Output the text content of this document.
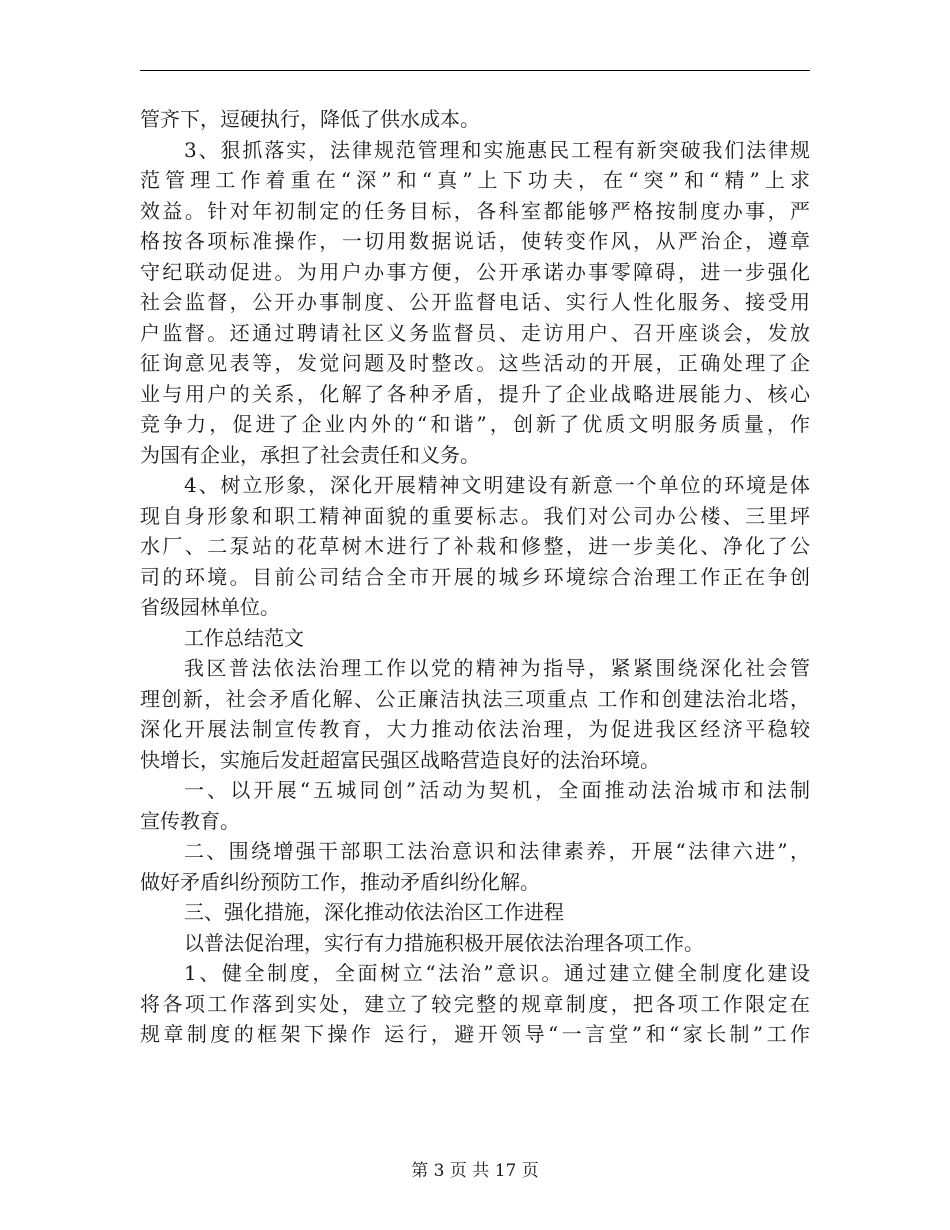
管齐下，逗硬执行，降低了供水成本。
3、狠抓落实，法律规范管理和实施惠民工程有新突破我们法律规
范管理工作着重在“深”和“真”上下功夫，在“突”和“精”上求
效益。针对年初制定的任务目标，各科室都能够严格按制度办事，严
格按各项标准操作，一切用数据说话，使转变作风，从严治企，遵章
守纪联动促进。为用户办事方便，公开承诺办事零障碍，进一步强化
社会监督，公开办事制度、公开监督电话、实行人性化服务、接受用
户监督。还通过聘请社区义务监督员、走访用户、召开座谈会，发放
征询意见表等，发觉问题及时整改。这些活动的开展，正确处理了企
业与用户的关系，化解了各种矛盾，提升了企业战略进展能力、核心
竞争力，促进了企业内外的“和谐”，创新了优质文明服务质量，作
为国有企业，承担了社会责任和义务。
4、树立形象，深化开展精神文明建设有新意一个单位的环境是体
现自身形象和职工精神面貌的重要标志。我们对公司办公楼、三里坪
水厂、二泵站的花草树木进行了补栽和修整，进一步美化、净化了公
司的环境。目前公司结合全市开展的城乡环境综合治理工作正在争创
省级园林单位。
工作总结范文
我区普法依法治理工作以党的精神为指导，紧紧围绕深化社会管
理创新，社会矛盾化解、公正廉洁执法三项重点 工作和创建法治北塔，
深化开展法制宣传教育，大力推动依法治理，为促进我区经济平稳较
快增长，实施后发赶超富民强区战略营造良好的法治环境。
一、以开展“五城同创”活动为契机，全面推动法治城市和法制
宣传教育。
二、围绕增强干部职工法治意识和法律素养，开展“法律六进”，
做好矛盾纠纷预防工作，推动矛盾纠纷化解。
三、强化措施，深化推动依法治区工作进程
以普法促治理，实行有力措施积极开展依法治理各项工作。
1、健全制度，全面树立“法治”意识。通过建立健全制度化建设
将各项工作落到实处，建立了较完整的规章制度，把各项工作限定在
规章制度的框架下操作 运行，避开领导“一言堂”和“家长制”工作
第 3 页 共 17 页
